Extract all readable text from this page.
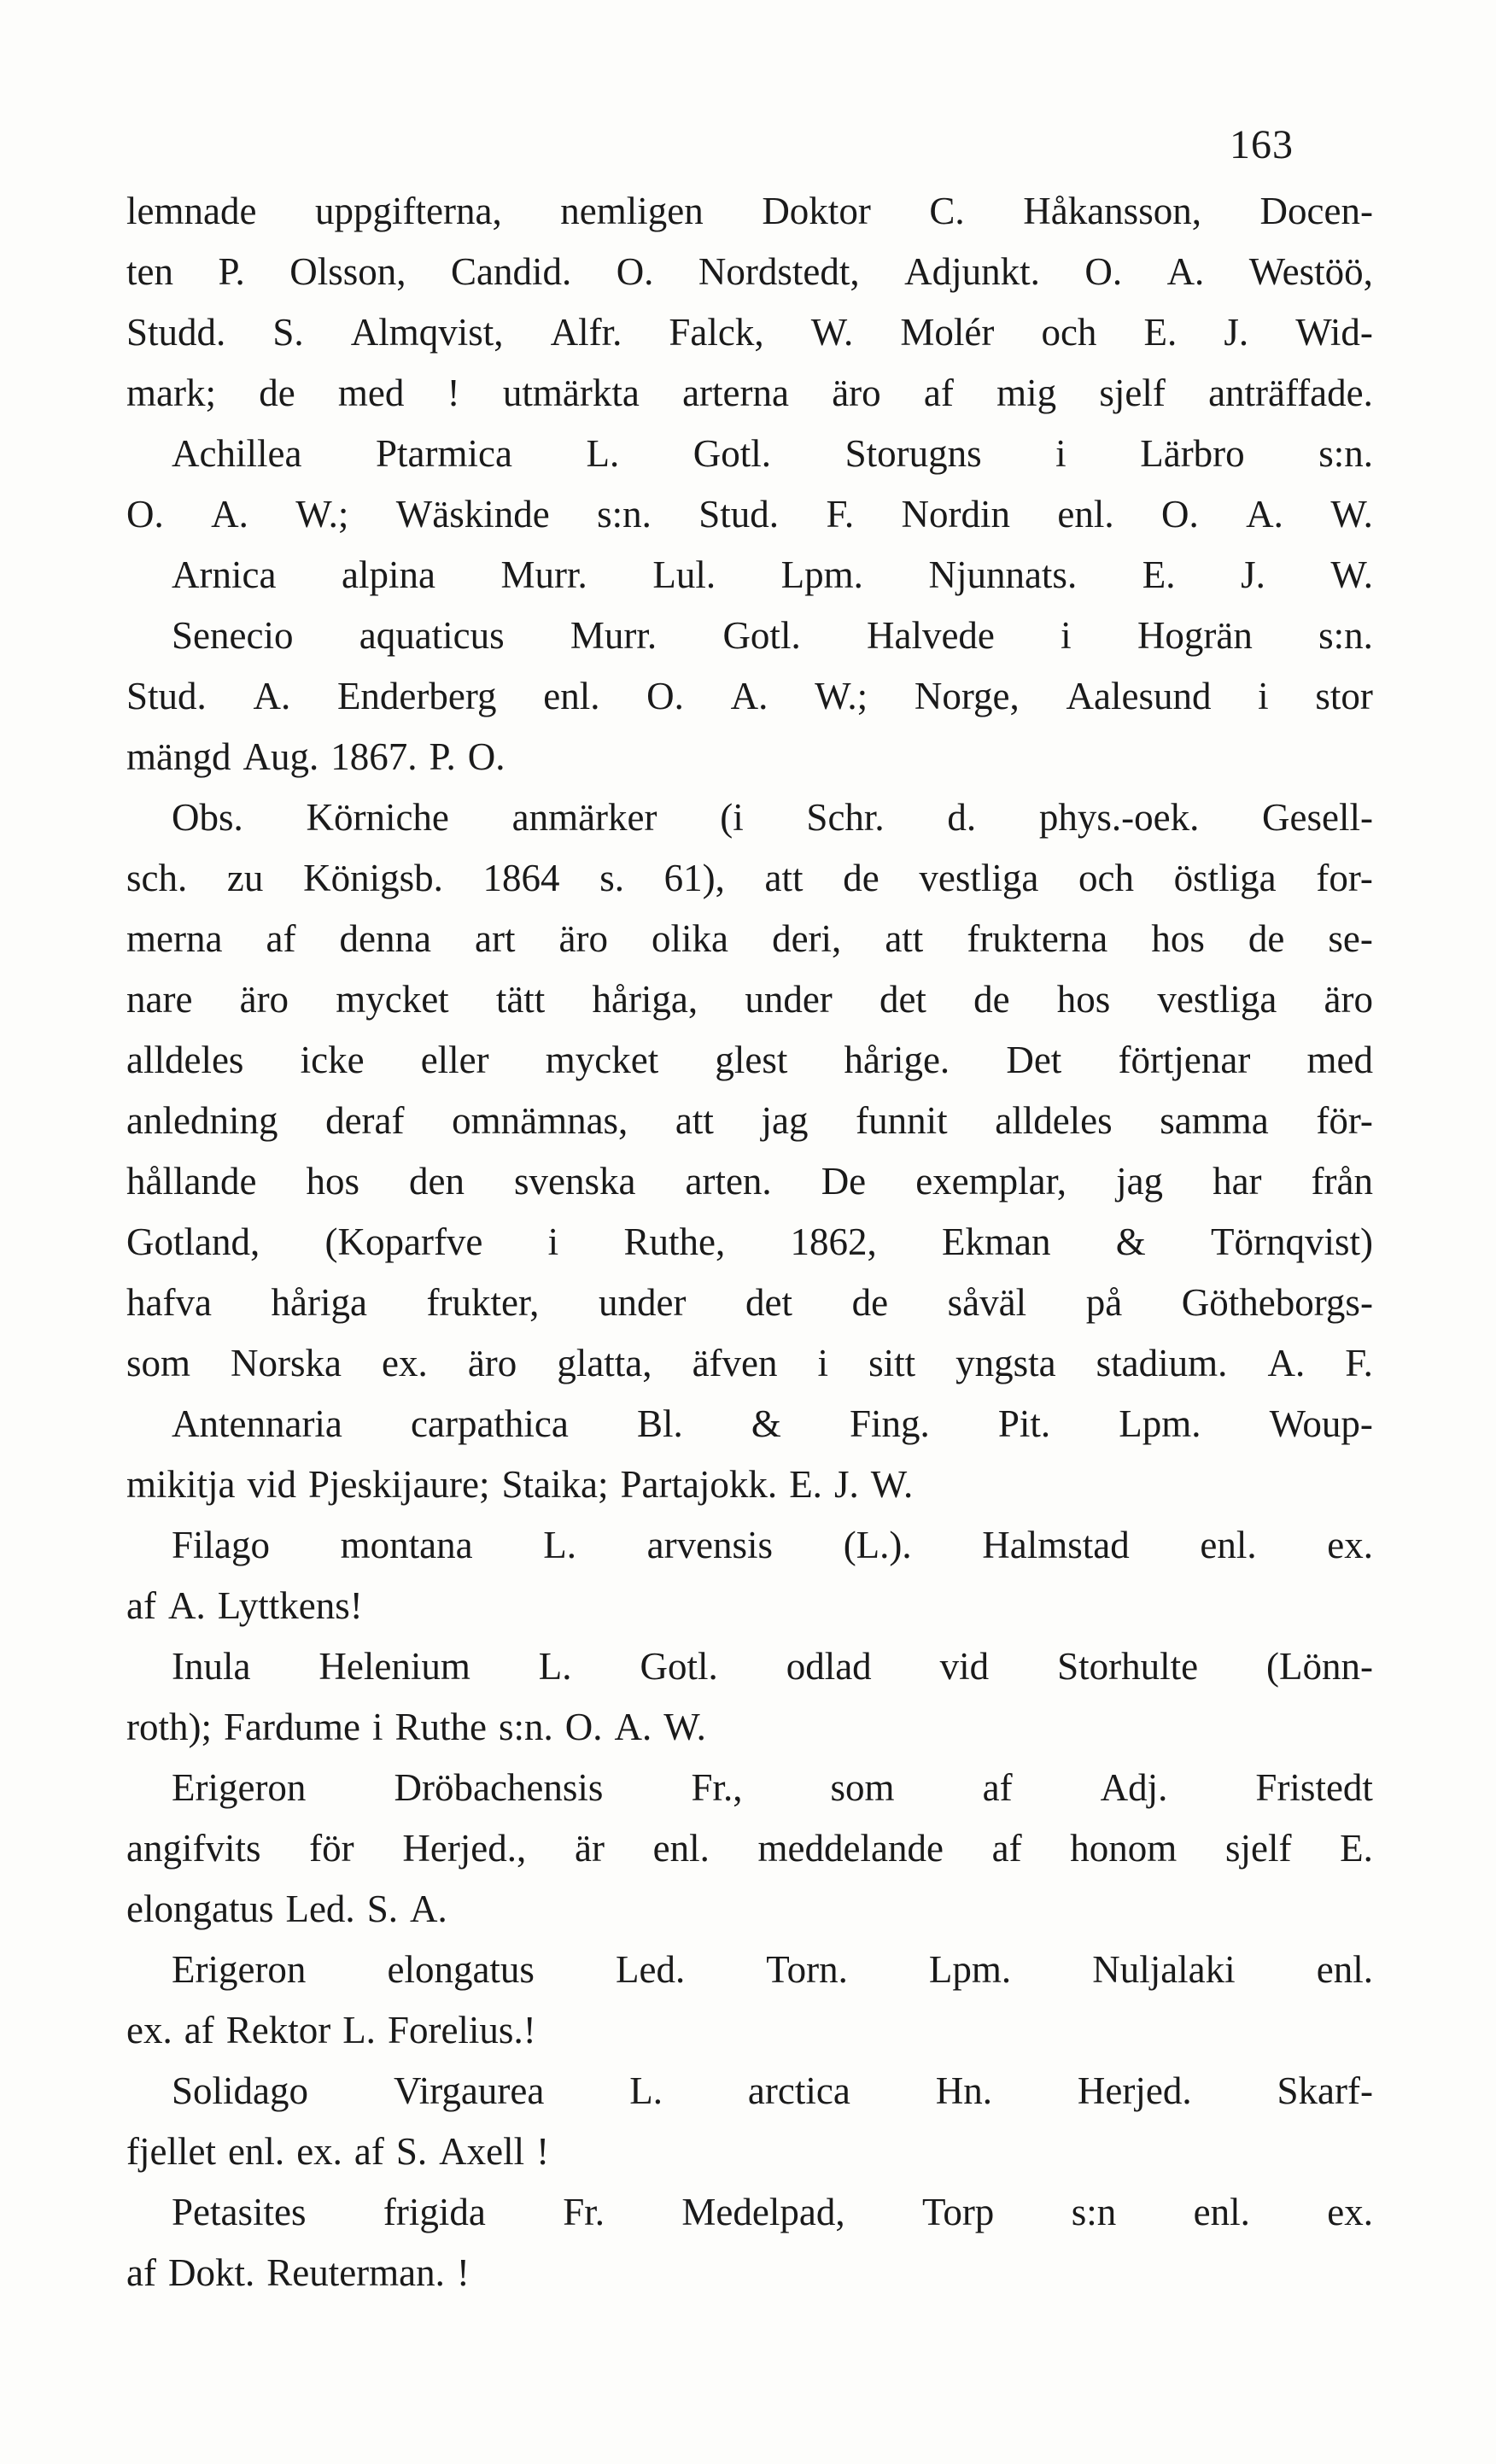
163
lemnade uppgifterna, nemligen Doktor C. Håkansson, Docen-
ten P. Olsson, Candid. O. Nordstedt, Adjunkt. O. A. Westöö,
Studd. S. Almqvist, Alfr. Falck, W. Molér och E. J. Wid-
mark; de med ! utmärkta arterna äro af mig sjelf anträffade.
Achillea Ptarmica L. Gotl. Storugns i Lärbro s:n.
O. A. W.; Wäskinde s:n. Stud. F. Nordin enl. O. A. W.
Arnica alpina Murr. Lul. Lpm. Njunnats. E. J. W.
Senecio aquaticus Murr. Gotl. Halvede i Hogrän s:n.
Stud. A. Enderberg enl. O. A. W.; Norge, Aalesund i stor
mängd Aug. 1867. P. O.
Obs. Körniche anmärker (i Schr. d. phys.-oek. Gesell-
sch. zu Königsb. 1864 s. 61), att de vestliga och östliga for-
merna af denna art äro olika deri, att frukterna hos de se-
nare äro mycket tätt håriga, under det de hos vestliga äro
alldeles icke eller mycket glest hårige. Det förtjenar med
anledning deraf omnämnas, att jag funnit alldeles samma för-
hållande hos den svenska arten. De exemplar, jag har från
Gotland, (Koparfve i Ruthe, 1862, Ekman & Törnqvist)
hafva håriga frukter, under det de såväl på Götheborgs-
som Norska ex. äro glatta, äfven i sitt yngsta stadium. A. F.
Antennaria carpathica Bl. & Fing. Pit. Lpm. Woup-
mikitja vid Pjeskijaure; Staika; Partajokk. E. J. W.
Filago montana L. arvensis (L.). Halmstad enl. ex.
af A. Lyttkens!
Inula Helenium L. Gotl. odlad vid Storhulte (Lönn-
roth); Fardume i Ruthe s:n. O. A. W.
Erigeron Dröbachensis Fr., som af Adj. Fristedt
angifvits för Herjed., är enl. meddelande af honom sjelf E.
elongatus Led. S. A.
Erigeron elongatus Led. Torn. Lpm. Nuljalaki enl.
ex. af Rektor L. Forelius.!
Solidago Virgaurea L. arctica Hn. Herjed. Skarf-
fjellet enl. ex. af S. Axell !
Petasites frigida Fr. Medelpad, Torp s:n enl. ex.
af Dokt. Reuterman. !
